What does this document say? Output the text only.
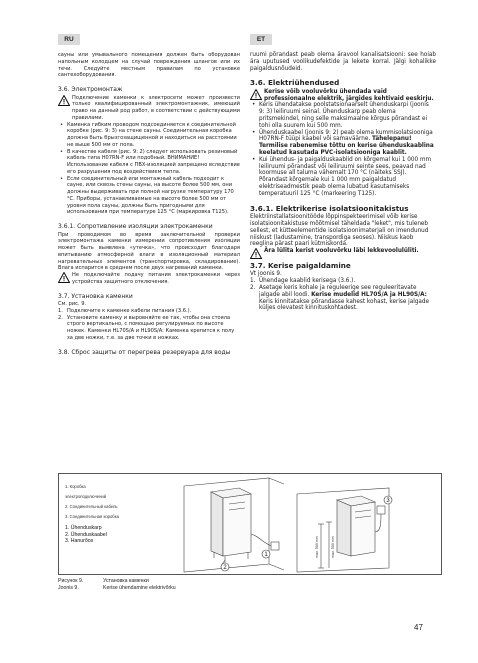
RU	ET

сауны или умывального помещения должен быть оборудован напольным колодцем на случай повреждения шлангов или их течи. Следуйте местным правилам по установке сантехоборудования.

3.6. Электромонтаж

Подключение каменки к электросети может произвести только квалифицированный электромонтажник, имеющий право на данный род работ, в соответствии с действующими правилами.

• Каменка гибким проводом подсоединяется к соединительной коробке (рис. 9: 3) на стене сауны. Соединительная коробка должна быть брызгозащищенной и находиться на расстоянии не выше 500 мм от пола.
• В качестве кабеля (рис. 9: 2) следует использовать резиновый кабель типа H07RN-F или подобный. ВНИМАНИЕ! Использование кабеля с ПВХ-изоляцией запрещено вследствие его разрушения под воздействием тепла.
• Если соединительный или монтажный кабель подходит к сауне, или сквозь стены сауны, на высоте более 500 мм, они должны выдерживать при полной нагрузке температуру 170 °С. Приборы, устанавливаемые на высоте более 500 мм от уровня пола сауны, должны быть пригодными для использования при температуре 125 °С (маркировка T125).
3.6.1. Сопротивление изоляции электрокаменки

При проводимом во время заключительной проверки электромонтажа каменки измерении сопротивления изоляции может быть выявлена «утечка», что происходит благодаря впитыванию атмосферной влаги в изоляционный материал нагревательных элементов (транспортировка, складирование). Влага испарится в среднем после двух нагреваний каменки.

Не подключайте подачу питания электрокаменки через устройства защитного отключения.

3.7. Установка каменки

См. рис. 9.

1. Подключите к каменке кабели питания (3.6.).
2. Установите каменку и выровняйте ее так, чтобы она стояла строго вертикально, с помощью регулируемых по высоте ножек. Каменки HL70S/A и HL90S/A: Каменка крепится к полу за две ножки, т.е. за две точки в ножках.
3.8. Сброс защиты от перегрева резервуара для воды

ruumi põrandast peab olema äravool kanalisatsiooni: see hoiab ära uputused voolikudefektide ja lekete korral. Jälgi kohalikke paigaldusnõudeid.

3.6. Elektriühendused

Kerise võib vooluvõrku ühendada vaid professionaalne elektrik, järgides kehtivaid eeskirju.

• Keris ühendatakse poolstatsionaarselt ühenduskarpi (joonis 9: 3) leiliruumi seinal. Ühenduskarp peab olema pritsmekindel, ning selle maksimaalne kõrgus põrandast ei tohi olla suurem kui 500 mm.
• Ühenduskaabel (joonis 9: 2) peab olema kummisolatsiooniga H07RN-F tüüpi kaabel või samaväärne. Tähelepanu! Termilise rabenemise tõttu on kerise ühenduskaablina keelatud kasutada PVC-isolatsiooniga kaablit.
• Kui ühendus- ja paigalduskaablid on kõrgemal kui 1 000 mm leiliruumi põrandast või leiliruumi seinte sees, peavad nad koormuse all taluma vähemalt 170 °C (näiteks SSJ). Põrandast kõrgemale kui 1 000 mm paigaldatud elektriseadmestik peab olema lubatud kasutamiseks temperatuuril 125 °C (markeering T125).
3.6.1. Elektrikerise isolatsioonitakistus

Elektriinstallatsioonitööde lõppinspekteerimisel võib kerise isolatsioonitakistuse mõõtmisel täheldada "leket", mis tuleneb sellest, et kütteelementide isolatsioonimaterjali on imendunud niiskust (ladustamine, transpordiga seoses). Niiskus kaob reeglina pärast paari kütmiskorda.

Ära lülita kerist vooluvõrku läbi lekkevoolulüliti.

3.7. Kerise paigaldamine

Vt joonis 9.

1. Ühendage kaablid kerisega (3.6.).
2. Asetage keris kohale ja reguleerige see reguleeritavate jalgade abil loodi. Kerise mudelid HL70S/A ja HL90S/A: Keris kinnitatakse põrandasse kahest kohast, kerise jalgade küljes olevatest kinnituskohtadest.
1. Коробка
электроподключений
2. Соединительный кабель
3. Соединительная коробка
1. Ühenduskarp
2. Ühenduskaabel
3. Hanurõos
1
2
3
max. 500 mm	max. 500 mm
Рисунок 9.	Установка каменки
Joonis 9.	Kerise ühendamine elektrivõrku
47
